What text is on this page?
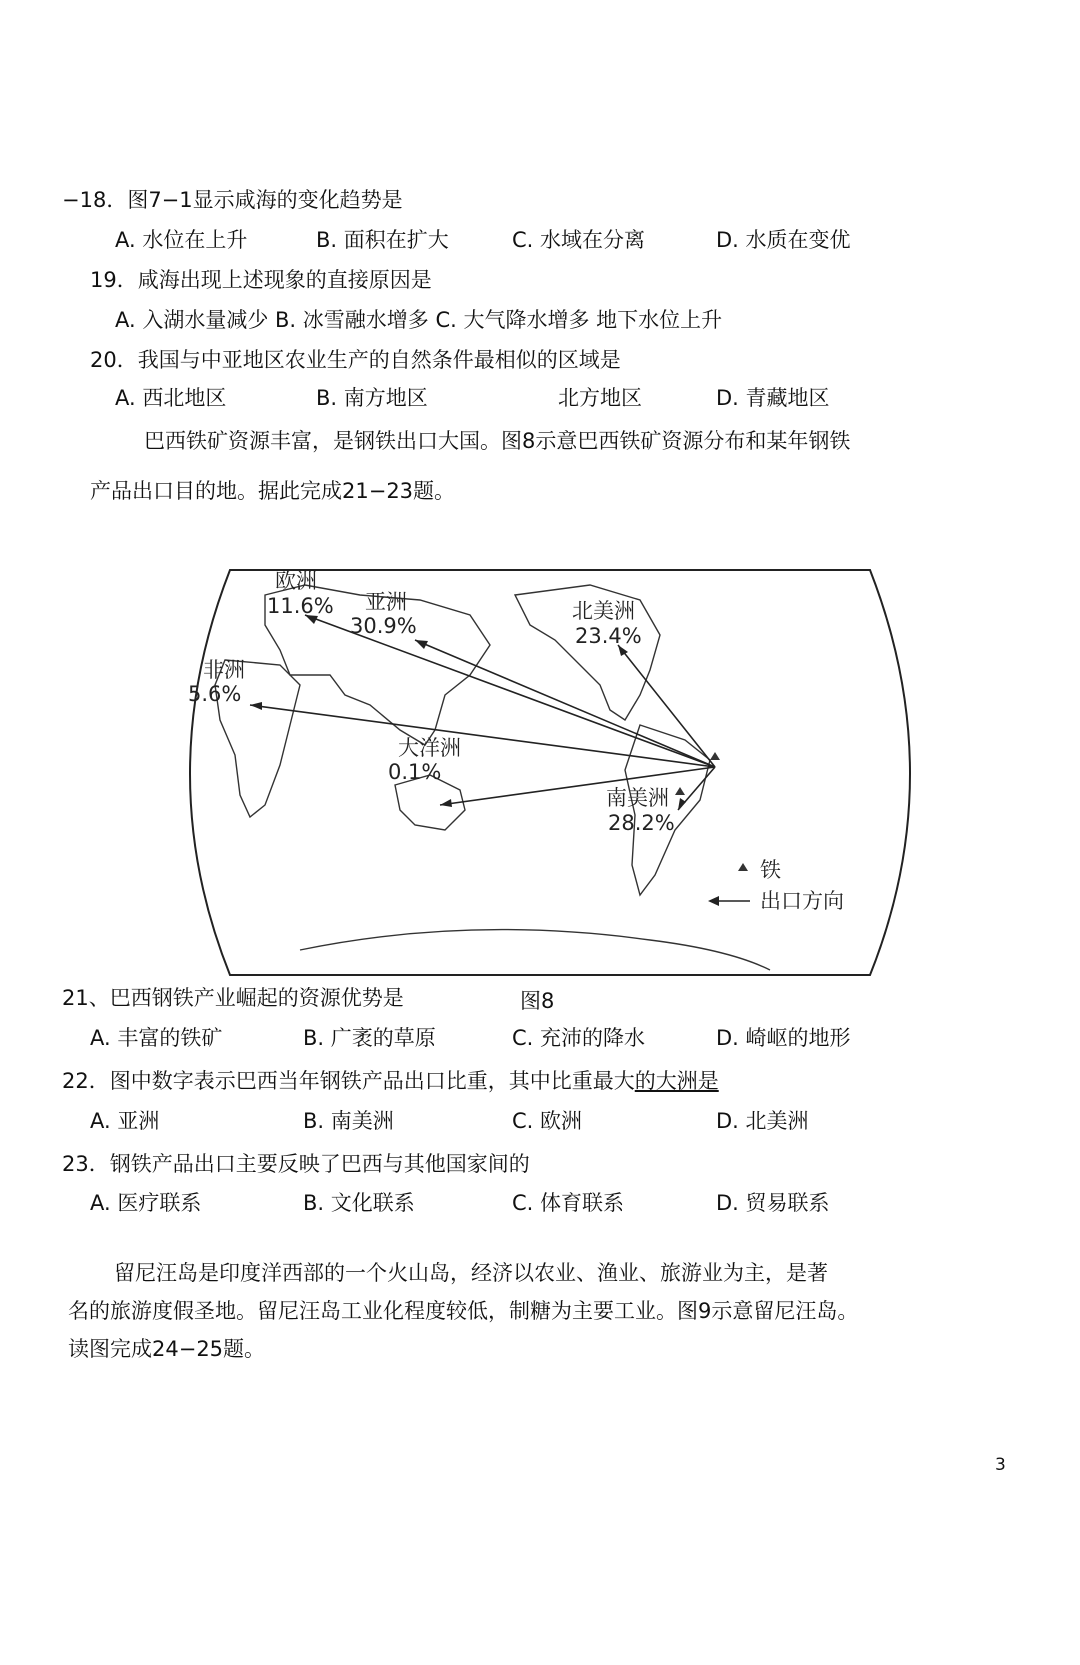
−18．图7−1显示咸海的变化趋势是
A. 水位在上升	B. 面积在扩大	C. 水域在分离	D. 水质在变优
19．咸海出现上述现象的直接原因是
A. 入湖水量减少 B. 冰雪融水增多 C. 大气降水增多 地下水位上升
20．我国与中亚地区农业生产的自然条件最相似的区域是
A. 西北地区	B. 南方地区	北方地区	D. 青藏地区
巴西铁矿资源丰富，是钢铁出口大国。图8示意巴西铁矿资源分布和某年钢铁
产品出口目的地。据此完成21−23题。
欧洲
11.6% 亚洲
30.9%
北美洲
23.4%
非洲
5.6%
大洋洲
0.1%
南美洲
28.2%
铁
出口方向
图8
21、巴西钢铁产业崛起的资源优势是
A. 丰富的铁矿	B. 广袤的草原	C. 充沛的降水	D. 崎岖的地形
22．图中数字表示巴西当年钢铁产品出口比重，其中比重最大的大洲是
A. 亚洲	B. 南美洲	C. 欧洲	D. 北美洲
23．钢铁产品出口主要反映了巴西与其他国家间的
A. 医疗联系	B. 文化联系	C. 体育联系	D. 贸易联系
留尼汪岛是印度洋西部的一个火山岛，经济以农业、渔业、旅游业为主，是著
名的旅游度假圣地。留尼汪岛工业化程度较低，制糖为主要工业。图9示意留尼汪岛。
读图完成24−25题。
3
